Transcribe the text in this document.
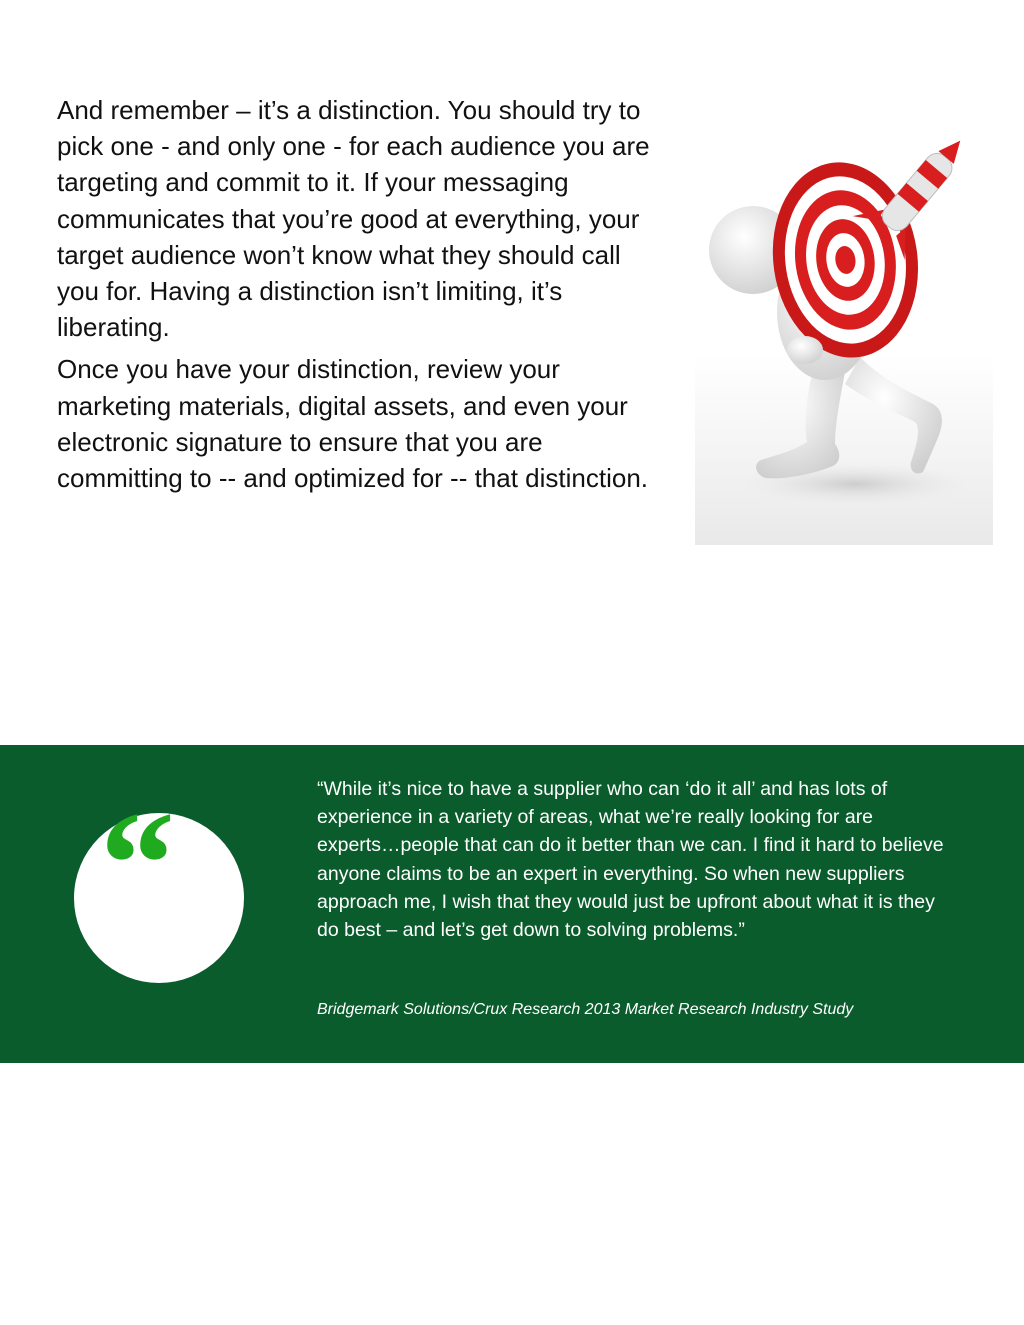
And remember – it’s a distinction. You should try to pick one - and only one - for each audience you are targeting and commit to it. If your messaging communicates that you’re good at everything, your target audience won’t know what they should call you for. Having a distinction isn’t limiting, it’s liberating.

Once you have your distinction, review your marketing materials, digital assets, and even your electronic signature to ensure that you are committing to -- and optimized for -- that distinction.

“	“While it’s nice to have a supplier who can ‘do it all’ and has lots of experience in a variety of areas, what we’re really looking for are experts…people that can do it better than we can. I find it hard to believe anyone claims to be an expert in everything. So when new suppliers approach me, I wish that they would just be upfront about what it is they do best – and let’s get down to solving problems.”
Bridgemark Solutions/Crux Research 2013 Market Research Industry Study
